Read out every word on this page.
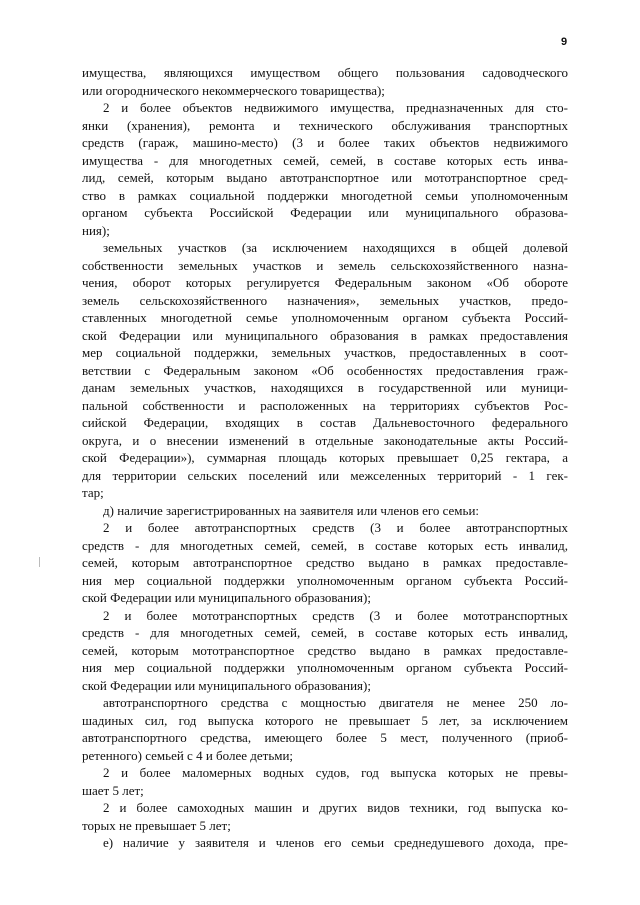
9
имущества, являющихся имуществом общего пользования садоводческого
или огороднического некоммерческого товарищества);
2 и более объектов недвижимого имущества, предназначенных для сто-
янки (хранения), ремонта и технического обслуживания транспортных
средств (гараж, машино-место) (3 и более таких объектов недвижимого
имущества - для многодетных семей, семей, в составе которых есть инва-
лид, семей, которым выдано автотранспортное или мототранспортное сред-
ство в рамках социальной поддержки многодетной семьи уполномоченным
органом субъекта Российской Федерации или муниципального образова-
ния);
земельных участков (за исключением находящихся в общей долевой
собственности земельных участков и земель сельскохозяйственного назна-
чения, оборот которых регулируется Федеральным законом «Об обороте
земель сельскохозяйственного назначения», земельных участков, предо-
ставленных многодетной семье уполномоченным органом субъекта Россий-
ской Федерации или муниципального образования в рамках предоставления
мер социальной поддержки, земельных участков, предоставленных в соот-
ветствии с Федеральным законом «Об особенностях предоставления граж-
данам земельных участков, находящихся в государственной или муници-
пальной собственности и расположенных на территориях субъектов Рос-
сийской Федерации, входящих в состав Дальневосточного федерального
округа, и о внесении изменений в отдельные законодательные акты Россий-
ской Федерации»), суммарная площадь которых превышает 0,25 гектара, а
для территории сельских поселений или межселенных территорий - 1 гек-
тар;
д) наличие зарегистрированных на заявителя или членов его семьи:
2 и более автотранспортных средств (3 и более автотранспортных
средств - для многодетных семей, семей, в составе которых есть инвалид,
семей, которым автотранспортное средство выдано в рамках предоставле-
ния мер социальной поддержки уполномоченным органом субъекта Россий-
ской Федерации или муниципального образования);
2 и более мототранспортных средств (3 и более мототранспортных
средств - для многодетных семей, семей, в составе которых есть инвалид,
семей, которым мототранспортное средство выдано в рамках предоставле-
ния мер социальной поддержки уполномоченным органом субъекта Россий-
ской Федерации или муниципального образования);
автотранспортного средства с мощностью двигателя не менее 250 ло-
шадиных сил, год выпуска которого не превышает 5 лет, за исключением
автотранспортного средства, имеющего более 5 мест, полученного (приоб-
ретенного) семьей с 4 и более детьми;
2 и более маломерных водных судов, год выпуска которых не превы-
шает 5 лет;
2 и более самоходных машин и других видов техники, год выпуска ко-
торых не превышает 5 лет;
е) наличие у заявителя и членов его семьи среднедушевого дохода, пре-
